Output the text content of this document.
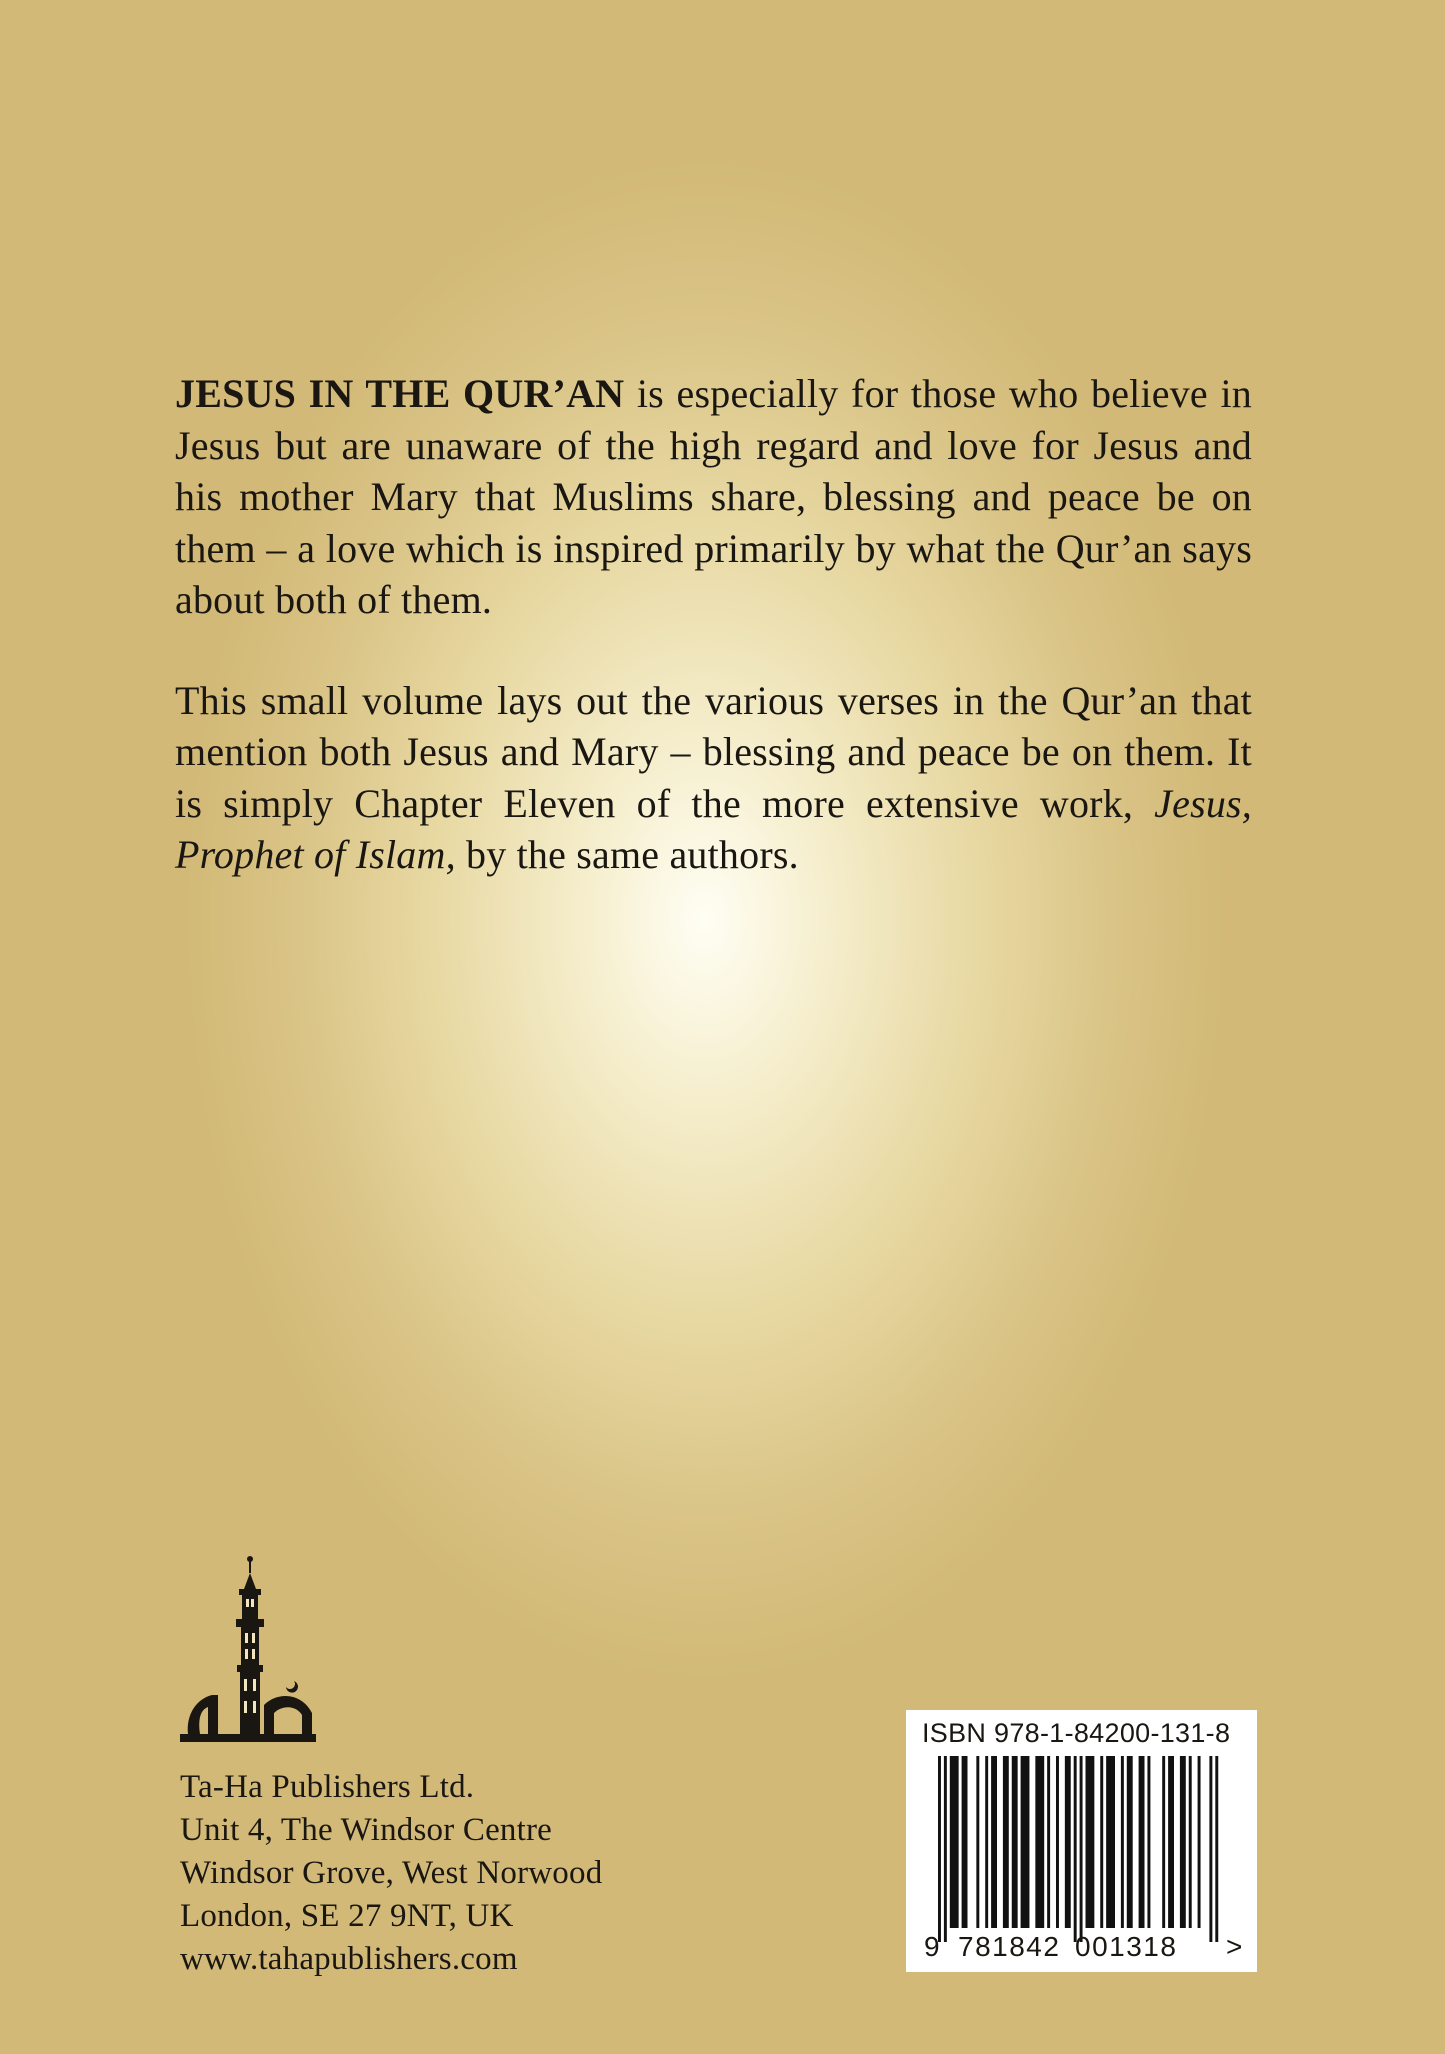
JESUS IN THE QUR’AN is especially for those who believe in Jesus but are unaware of the high regard and love for Jesus and his mother Mary that Muslims share, blessing and peace be on them – a love which is inspired primarily by what the Qur’an says about both of them.

This small volume lays out the various verses in the Qur’an that mention both Jesus and Mary – blessing and peace be on them. It is simply Chapter Eleven of the more extensive work, Jesus, Prophet of Islam, by the same authors.

Ta-Ha Publishers Ltd.
Unit 4, The Windsor Centre
Windsor Grove, West Norwood
London, SE 27 9NT, UK
www.tahapublishers.com
ISBN 978-1-84200-131-8
9 781842 001318 >
